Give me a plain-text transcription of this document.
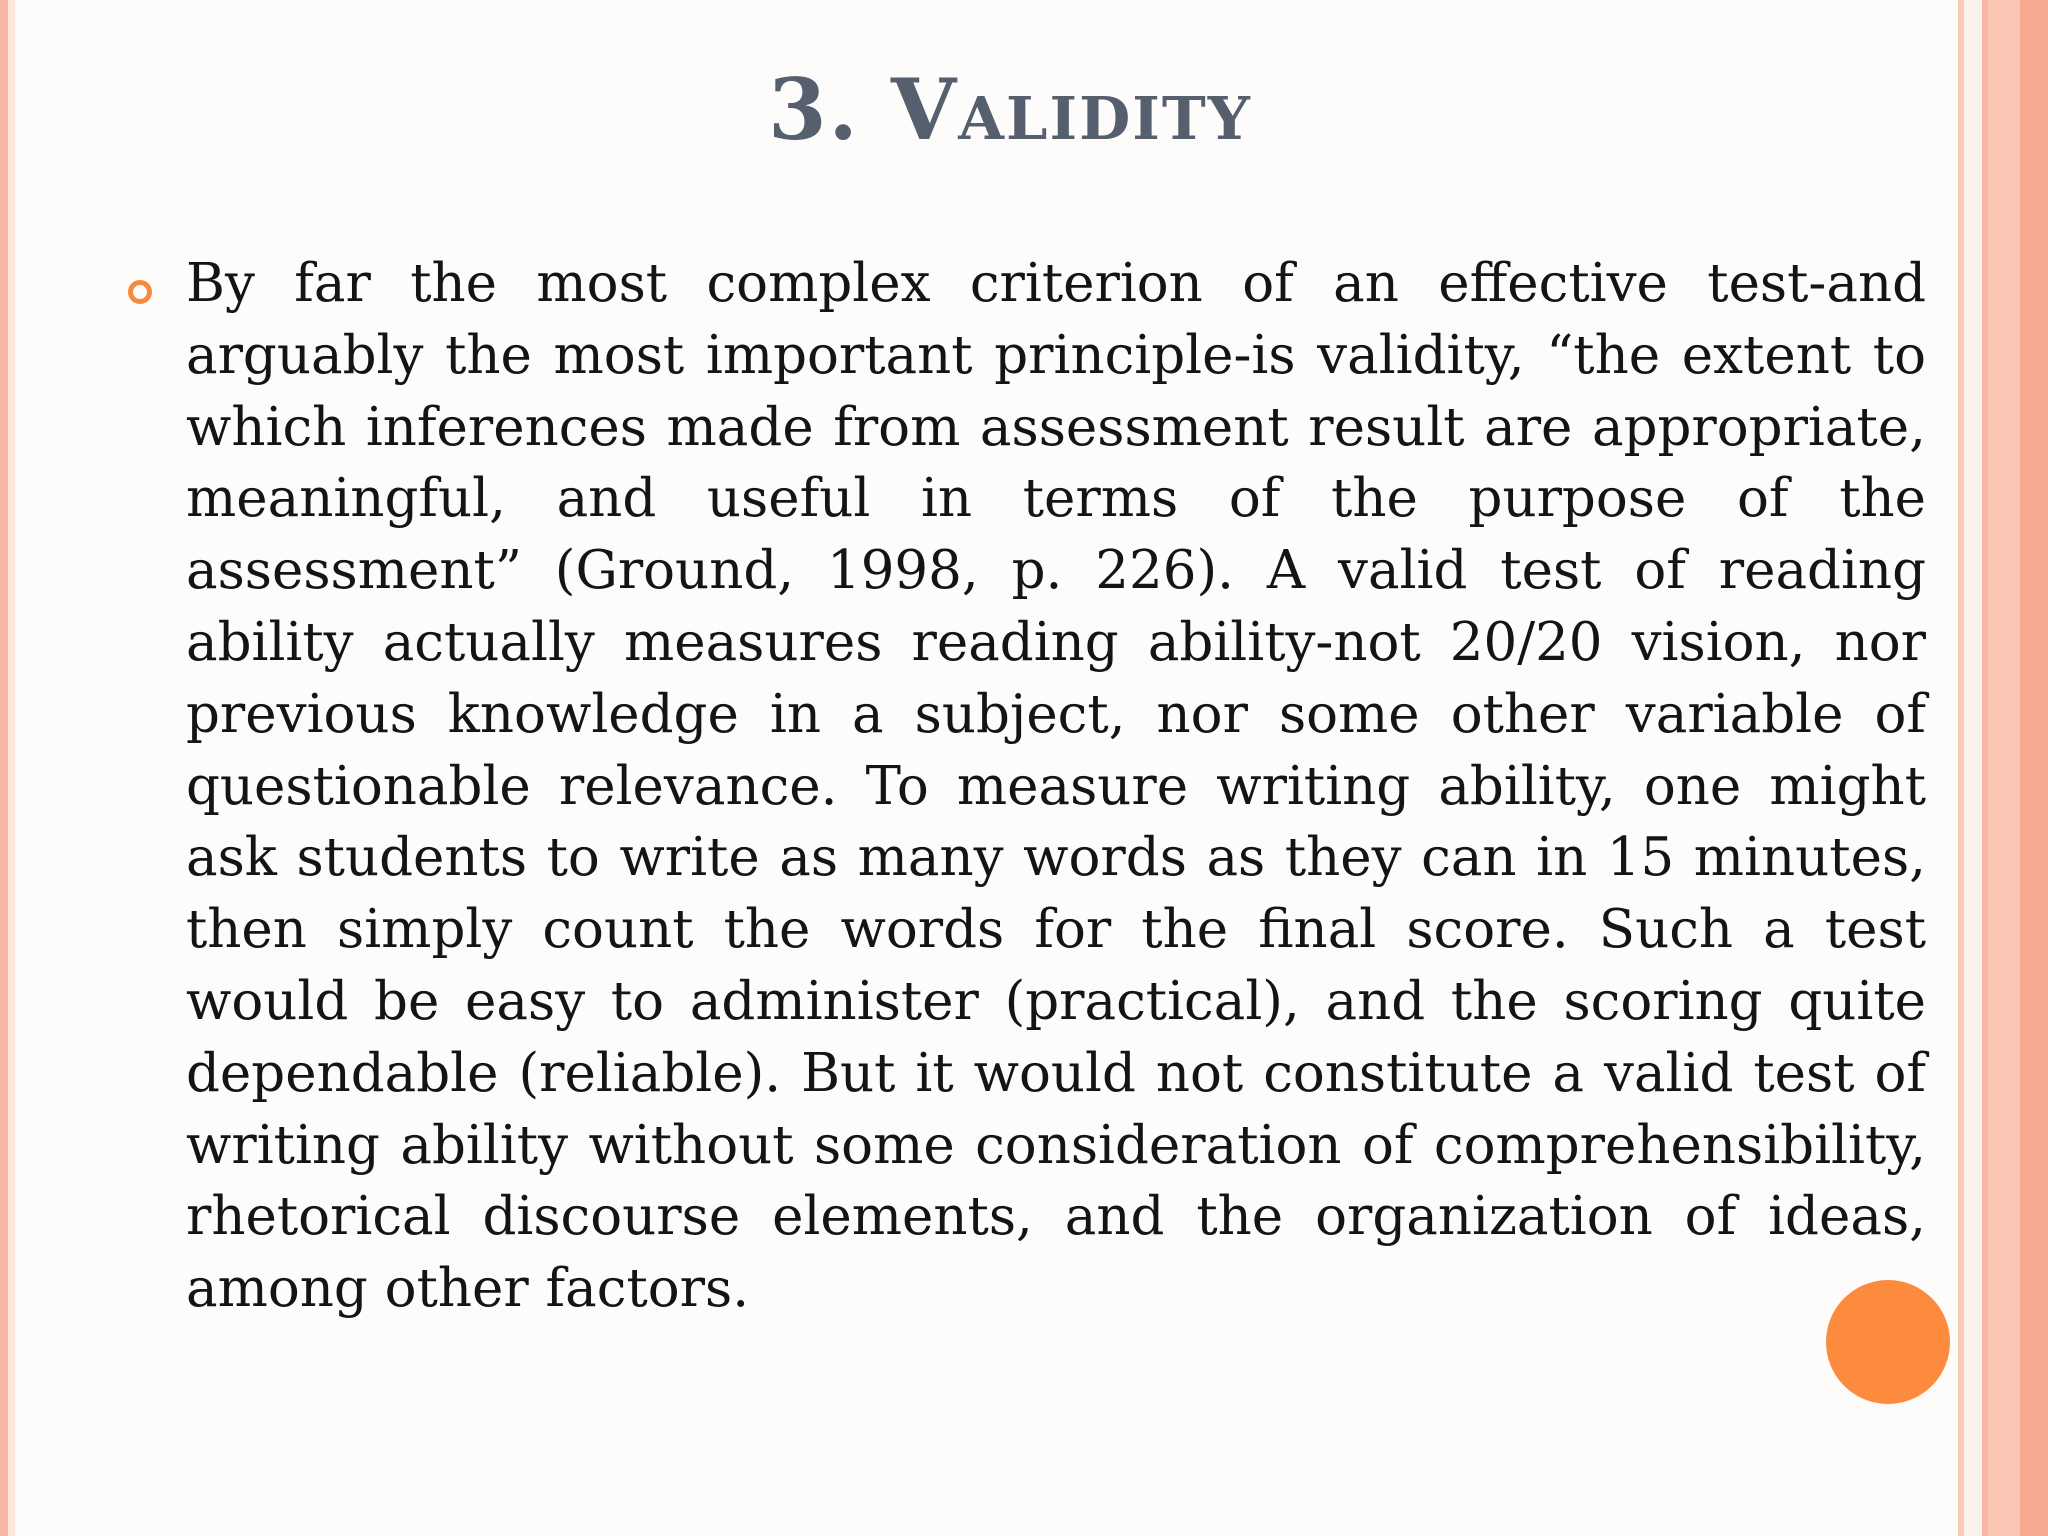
3. Validity

By far the most complex criterion of an effective test-and arguably the most important principle-is validity, “the extent to which inferences made from assessment result are appropriate, meaningful, and useful in terms of the purpose of the assessment” (Ground, 1998, p. 226). A valid test of reading ability actually measures reading ability-not 20/20 vision, nor previous knowledge in a subject, nor some other variable of questionable relevance. To measure writing ability, one might ask students to write as many words as they can in 15 minutes, then simply count the words for the final score. Such a test would be easy to administer (practical), and the scoring quite dependable (reliable). But it would not constitute a valid test of writing ability without some consideration of comprehensibility, rhetorical discourse elements, and the organization of ideas, among other factors.
